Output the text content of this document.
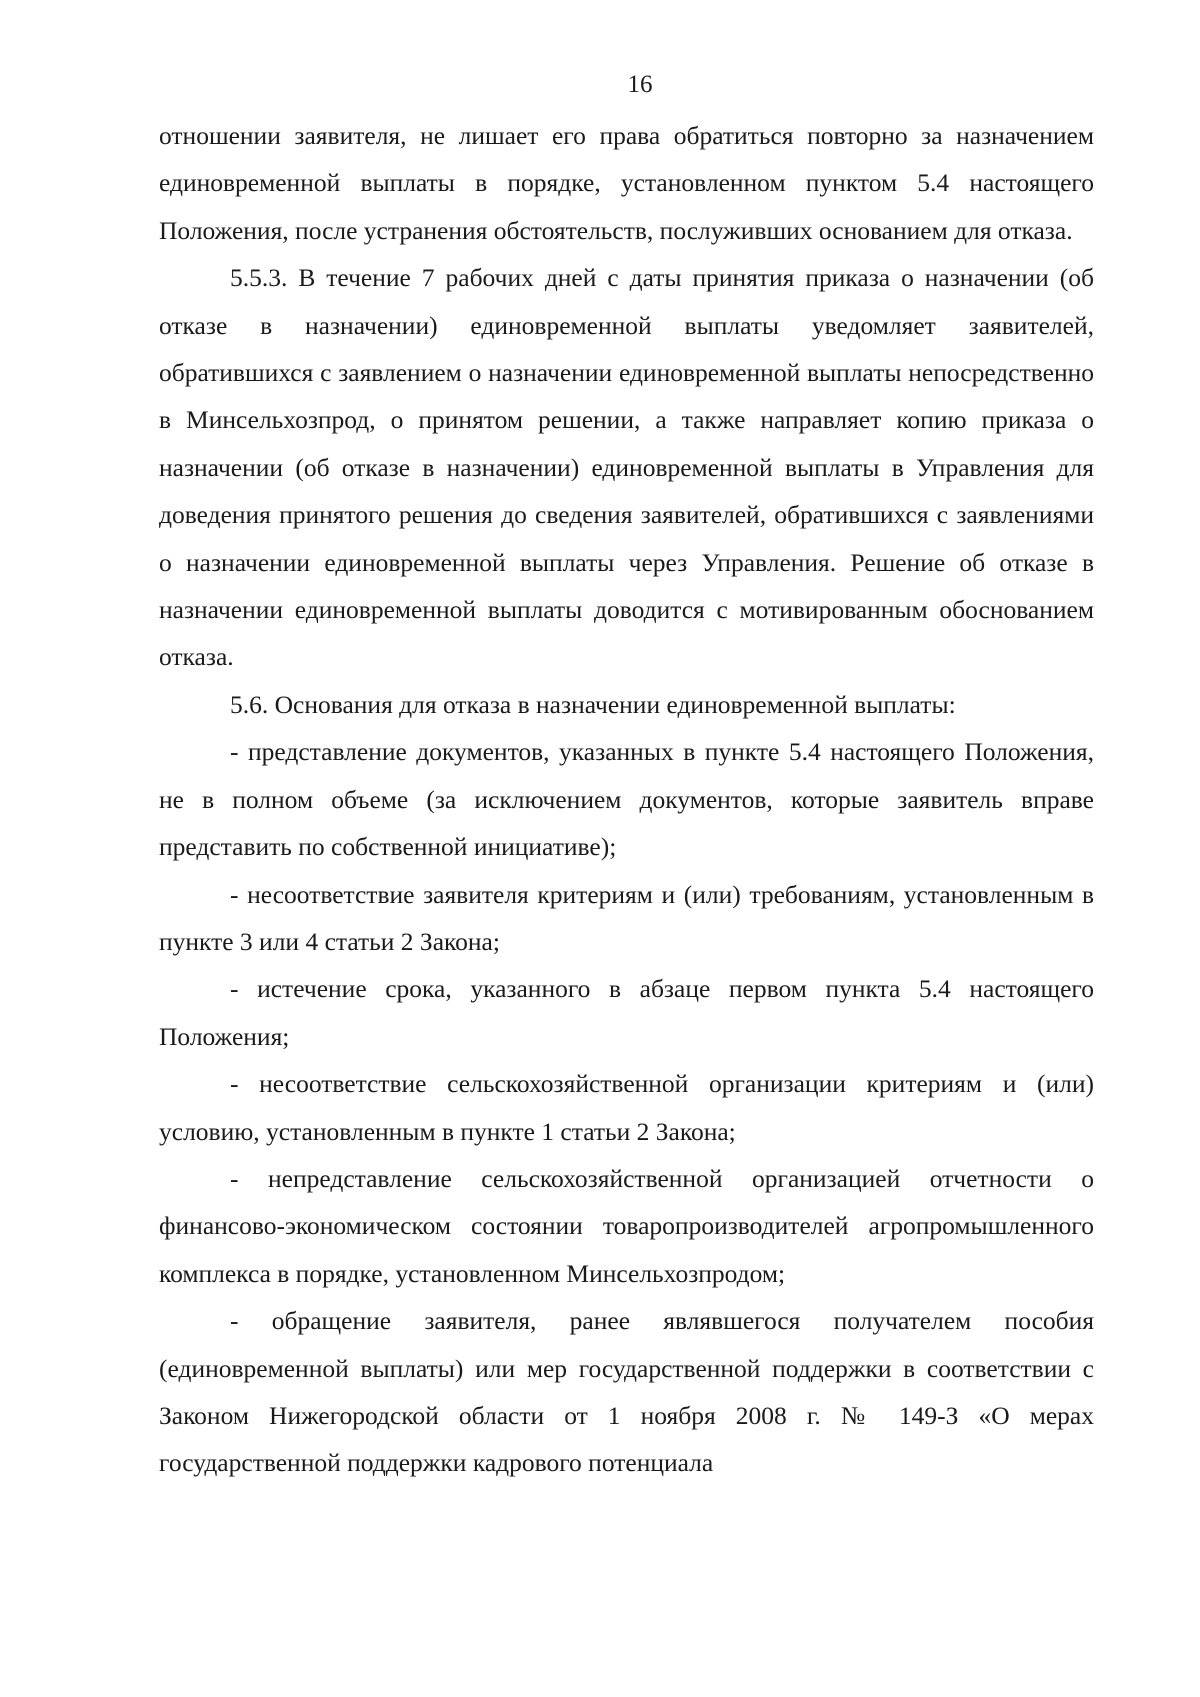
16

отношении заявителя, не лишает его права обратиться повторно за назначением единовременной выплаты в порядке, установленном пунктом 5.4 настоящего Положения, после устранения обстоятельств, послуживших основанием для отказа.

5.5.3. В течение 7 рабочих дней с даты принятия приказа о назначении (об отказе в назначении) единовременной выплаты уведомляет заявителей, обратившихся с заявлением о назначении единовременной выплаты непосредственно в Минсельхозпрод, о принятом решении, а также направляет копию приказа о назначении (об отказе в назначении) единовременной выплаты в Управления для доведения принятого решения до сведения заявителей, обратившихся с заявлениями о назначении единовременной выплаты через Управления. Решение об отказе в назначении единовременной выплаты доводится с мотивированным обоснованием отказа.

5.6. Основания для отказа в назначении единовременной выплаты:

- представление документов, указанных в пункте 5.4 настоящего Положения, не в полном объеме (за исключением документов, которые заявитель вправе представить по собственной инициативе);

- несоответствие заявителя критериям и (или) требованиям, установленным в пункте 3 или 4 статьи 2 Закона;

- истечение срока, указанного в абзаце первом пункта 5.4 настоящего Положения;

- несоответствие сельскохозяйственной организации критериям и (или) условию, установленным в пункте 1 статьи 2 Закона;

- непредставление сельскохозяйственной организацией отчетности о финансово-экономическом состоянии товаропроизводителей агропромышленного комплекса в порядке, установленном Минсельхозпродом;

- обращение заявителя, ранее являвшегося получателем пособия (единовременной выплаты) или мер государственной поддержки в соответствии с Законом Нижегородской области от 1 ноября 2008 г. № 149-З «О мерах государственной поддержки кадрового потенциала
